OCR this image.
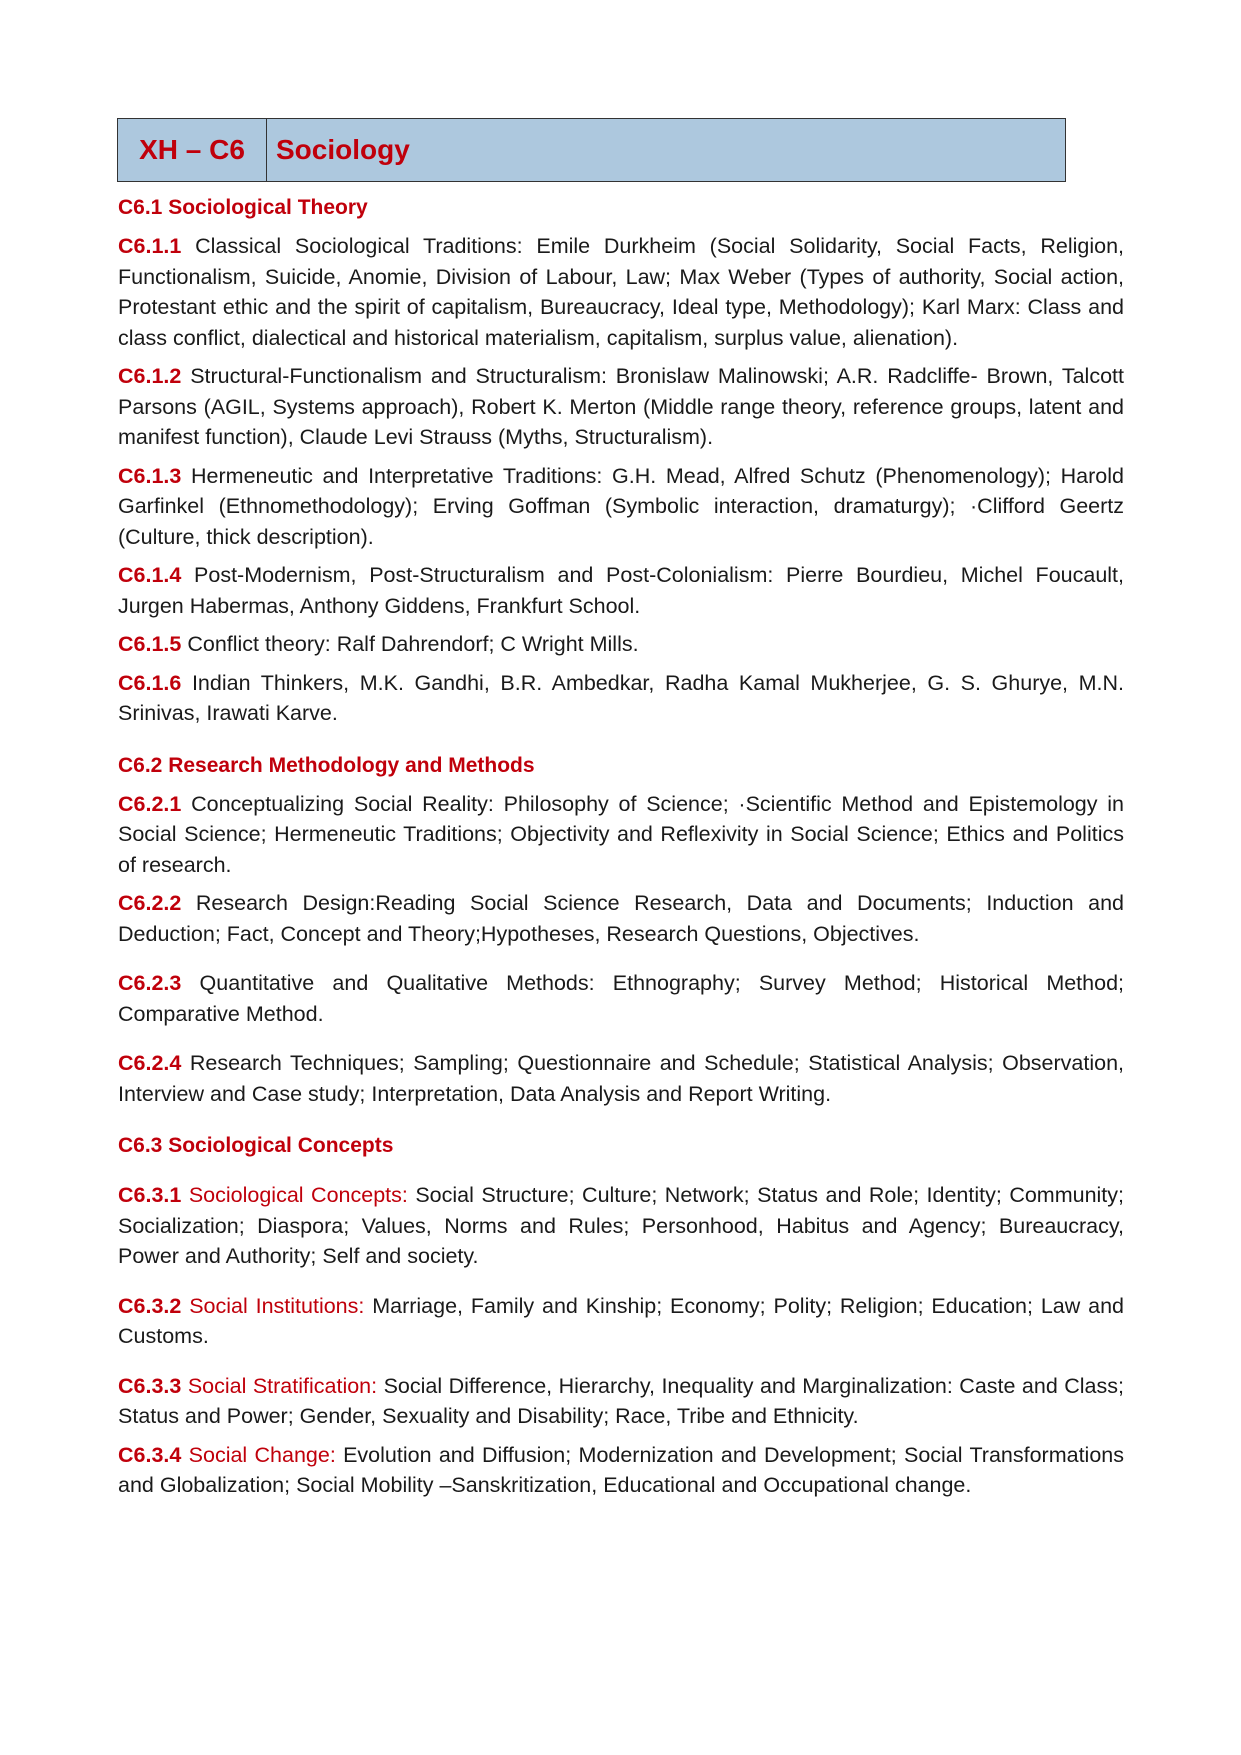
XH – C6	Sociology

C6.1 Sociological Theory

C6.1.1 Classical Sociological Traditions: Emile Durkheim (Social Solidarity, Social Facts, Religion, Functionalism, Suicide, Anomie, Division of Labour, Law; Max Weber (Types of authority, Social action, Protestant ethic and the spirit of capitalism, Bureaucracy, Ideal type, Methodology); Karl Marx: Class and class conflict, dialectical and historical materialism, capitalism, surplus value, alienation).

C6.1.2 Structural-Functionalism and Structuralism: Bronislaw Malinowski; A.R. Radcliffe- Brown, Talcott Parsons (AGIL, Systems approach), Robert K. Merton (Middle range theory, reference groups, latent and manifest function), Claude Levi Strauss (Myths, Structuralism).

C6.1.3 Hermeneutic and Interpretative Traditions: G.H. Mead, Alfred Schutz (Phenomenology); Harold Garfinkel (Ethnomethodology); Erving Goffman (Symbolic interaction, dramaturgy); ·Clifford Geertz (Culture, thick description).

C6.1.4 Post-Modernism, Post-Structuralism and Post-Colonialism: Pierre Bourdieu, Michel Foucault, Jurgen Habermas, Anthony Giddens, Frankfurt School.

C6.1.5 Conflict theory: Ralf Dahrendorf; C Wright Mills.

C6.1.6 Indian Thinkers, M.K. Gandhi, B.R. Ambedkar, Radha Kamal Mukherjee, G. S. Ghurye, M.N. Srinivas, Irawati Karve.

C6.2 Research Methodology and Methods

C6.2.1 Conceptualizing Social Reality: Philosophy of Science; ·Scientific Method and Epistemology in Social Science; Hermeneutic Traditions; Objectivity and Reflexivity in Social Science; Ethics and Politics of research.

C6.2.2 Research Design:Reading Social Science Research, Data and Documents; Induction and Deduction; Fact, Concept and Theory;Hypotheses, Research Questions, Objectives.

C6.2.3 Quantitative and Qualitative Methods: Ethnography; Survey Method; Historical Method; Comparative Method.

C6.2.4 Research Techniques; Sampling; Questionnaire and Schedule; Statistical Analysis; Observation, Interview and Case study; Interpretation, Data Analysis and Report Writing.

C6.3 Sociological Concepts

C6.3.1 Sociological Concepts: Social Structure; Culture; Network; Status and Role; Identity; Community; Socialization; Diaspora; Values, Norms and Rules; Personhood, Habitus and Agency; Bureaucracy, Power and Authority; Self and society.

C6.3.2 Social Institutions: Marriage, Family and Kinship; Economy; Polity; Religion; Education; Law and Customs.

C6.3.3 Social Stratification: Social Difference, Hierarchy, Inequality and Marginalization: Caste and Class; Status and Power; Gender, Sexuality and Disability; Race, Tribe and Ethnicity.

C6.3.4 Social Change: Evolution and Diffusion; Modernization and Development; Social Transformations and Globalization; Social Mobility –Sanskritization, Educational and Occupational change.
